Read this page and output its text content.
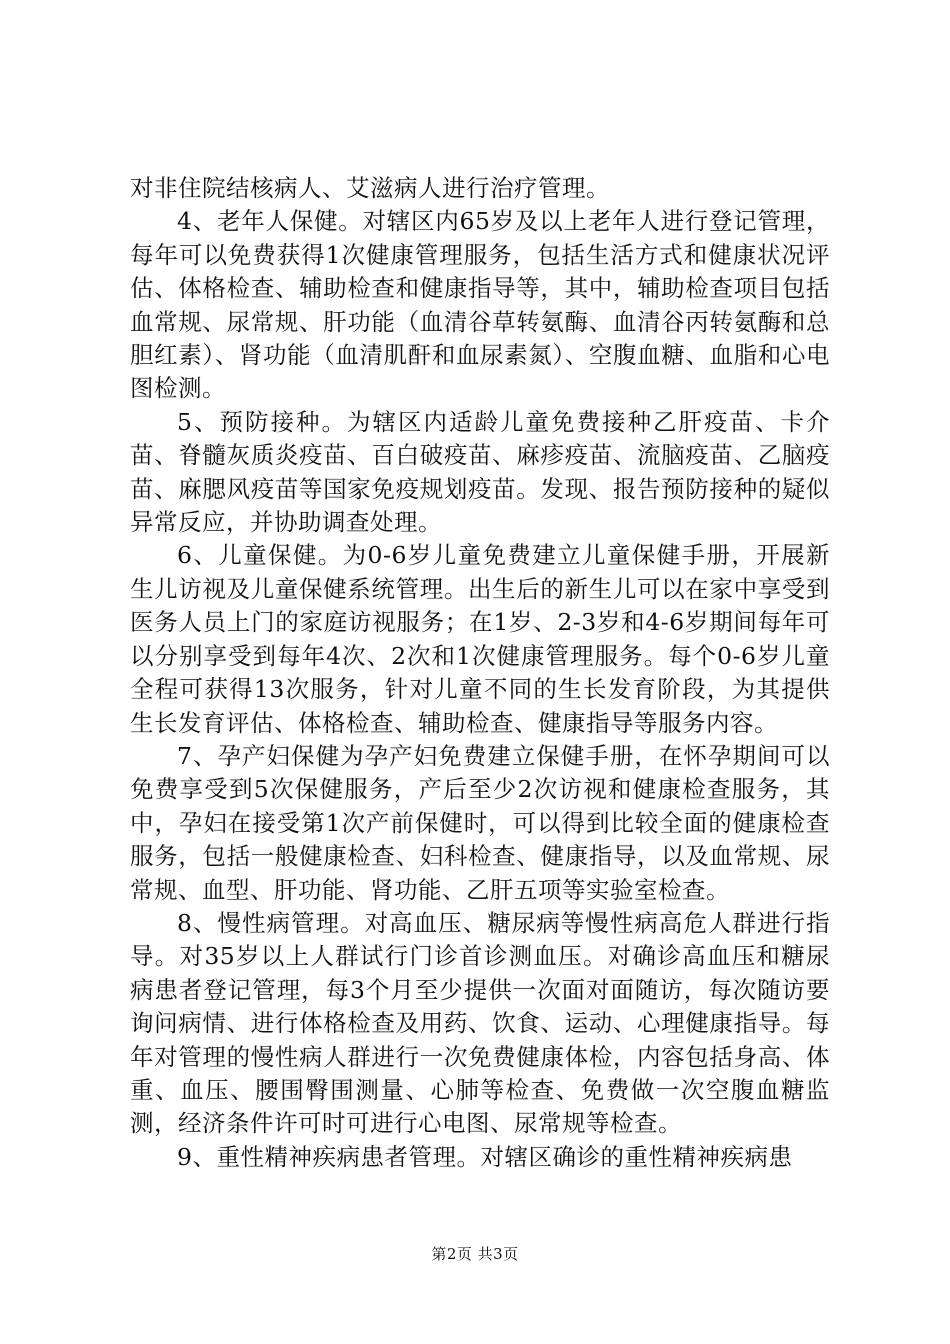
对非住院结核病人、艾滋病人进行治疗管理。

4、老年人保健。对辖区内65岁及以上老年人进行登记管理，每年可以免费获得1次健康管理服务，包括生活方式和健康状况评估、体格检查、辅助检查和健康指导等，其中，辅助检查项目包括血常规、尿常规、肝功能（血清谷草转氨酶、血清谷丙转氨酶和总胆红素）、肾功能（血清肌酐和血尿素氮）、空腹血糖、血脂和心电图检测。

5、预防接种。为辖区内适龄儿童免费接种乙肝疫苗、卡介苗、脊髓灰质炎疫苗、百白破疫苗、麻疹疫苗、流脑疫苗、乙脑疫苗、麻腮风疫苗等国家免疫规划疫苗。发现、报告预防接种的疑似异常反应，并协助调查处理。

6、儿童保健。为0-6岁儿童免费建立儿童保健手册，开展新生儿访视及儿童保健系统管理。出生后的新生儿可以在家中享受到医务人员上门的家庭访视服务；在1岁、2-3岁和4-6岁期间每年可以分别享受到每年4次、2次和1次健康管理服务。每个0-6岁儿童全程可获得13次服务，针对儿童不同的生长发育阶段，为其提供生长发育评估、体格检查、辅助检查、健康指导等服务内容。

7、孕产妇保健为孕产妇免费建立保健手册，在怀孕期间可以免费享受到5次保健服务，产后至少2次访视和健康检查服务，其中，孕妇在接受第1次产前保健时，可以得到比较全面的健康检查服务，包括一般健康检查、妇科检查、健康指导，以及血常规、尿常规、血型、肝功能、肾功能、乙肝五项等实验室检查。

8、慢性病管理。对高血压、糖尿病等慢性病高危人群进行指导。对35岁以上人群试行门诊首诊测血压。对确诊高血压和糖尿病患者登记管理，每3个月至少提供一次面对面随访，每次随访要询问病情、进行体格检查及用药、饮食、运动、心理健康指导。每年对管理的慢性病人群进行一次免费健康体检，内容包括身高、体重、血压、腰围臀围测量、心肺等检查、免费做一次空腹血糖监测，经济条件许可时可进行心电图、尿常规等检查。

9、重性精神疾病患者管理。对辖区确诊的重性精神疾病患

第2页 共3页
